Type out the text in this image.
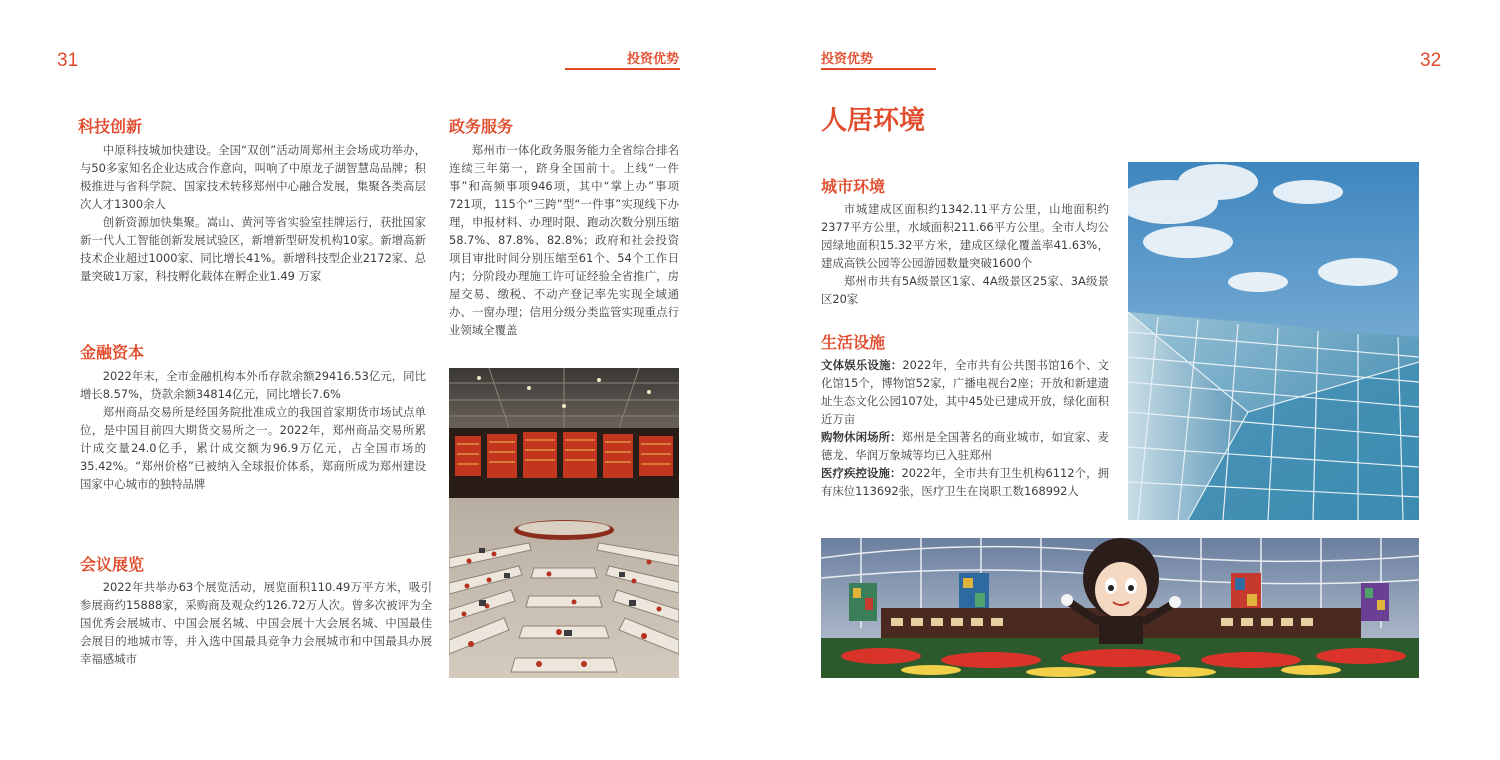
31	投资优势
科技创新

中原科技城加快建设。全国“双创”活动周郑州主会场成功举办，与50多家知名企业达成合作意向，叫响了中原龙子湖智慧岛品牌；积极推进与省科学院、国家技术转移郑州中心融合发展，集聚各类高层次人才1300余人

创新资源加快集聚。嵩山、黄河等省实验室挂牌运行，获批国家新一代人工智能创新发展试验区，新增新型研发机构10家。新增高新技术企业超过1000家、同比增长41%。新增科技型企业2172家、总量突破1万家，科技孵化载体在孵企业1.49 万家

政务服务

郑州市一体化政务服务能力全省综合排名连续三年第一，跻身全国前十。上线“一件事”和高频事项946项，其中“掌上办”事项721项，115个“三跨”型“一件事”实现线下办理，申报材料、办理时限、跑动次数分别压缩58.7%、87.8%、82.8%；政府和社会投资项目审批时间分别压缩至61个、54个工作日内；分阶段办理施工许可证经验全省推广，房屋交易、缴税、不动产登记率先实现全域通办、一窗办理；信用分级分类监管实现重点行业领域全覆盖

金融资本

2022年末，全市金融机构本外币存款余额29416.53亿元，同比增长8.57%，贷款余额34814亿元，同比增长7.6%

郑州商品交易所是经国务院批准成立的我国首家期货市场试点单位，是中国目前四大期货交易所之一。2022年，郑州商品交易所累计成交量24.0亿手，累计成交额为96.9万亿元，占全国市场的35.42%。“郑州价格”已被纳入全球报价体系，郑商所成为郑州建设国家中心城市的独特品牌

会议展览

2022年共举办63个展览活动，展览面积110.49万平方米，吸引参展商约15888家，采购商及观众约126.72万人次。曾多次被评为全国优秀会展城市、中国会展名城、中国会展十大会展名城、中国最佳会展目的地城市等，并入选中国最具竞争力会展城市和中国最具办展幸福感城市

投资优势	32
人居环境
城市环境

市城建成区面积约1342.11平方公里，山地面积约2377平方公里，水域面积211.66平方公里。全市人均公园绿地面积15.32平方米，建成区绿化覆盖率41.63%，建成高铁公园等公园游园数量突破1600个

郑州市共有5A级景区1家、4A级景区25家、3A级景区20家

生活设施

文体娱乐设施：2022年，全市共有公共图书馆16个、文化馆15个，博物馆52家，广播电视台2座；开放和新建遗址生态文化公园107处，其中45处已建成开放，绿化面积近万亩

购物休闲场所：郑州是全国著名的商业城市，如宜家、麦德龙、华润万象城等均已入驻郑州

医疗疾控设施：2022年，全市共有卫生机构6112个，拥有床位113692张，医疗卫生在岗职工数168992人
